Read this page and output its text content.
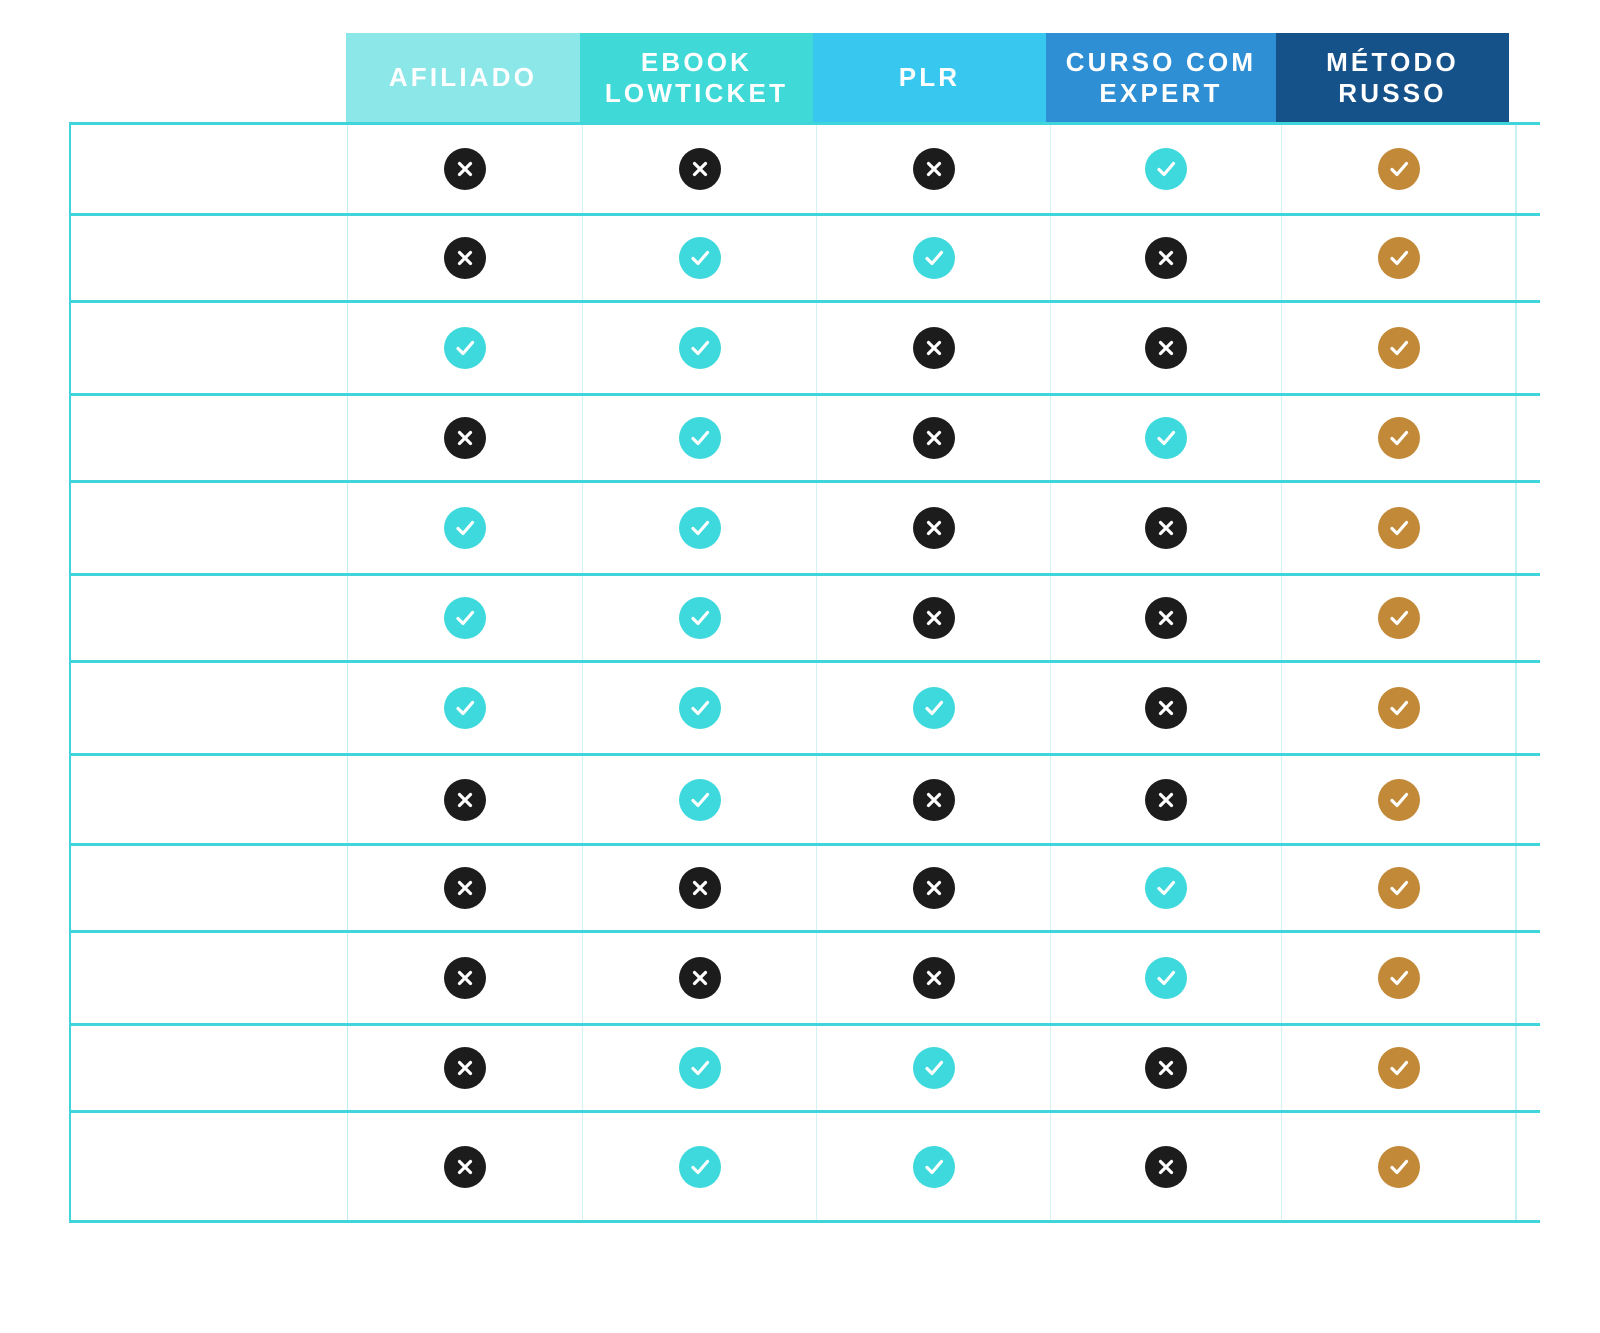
AFILIADO
EBOOK
LOWTICKET
PLR
CURSO COM
EXPERT
MÉTODO
RUSSO
